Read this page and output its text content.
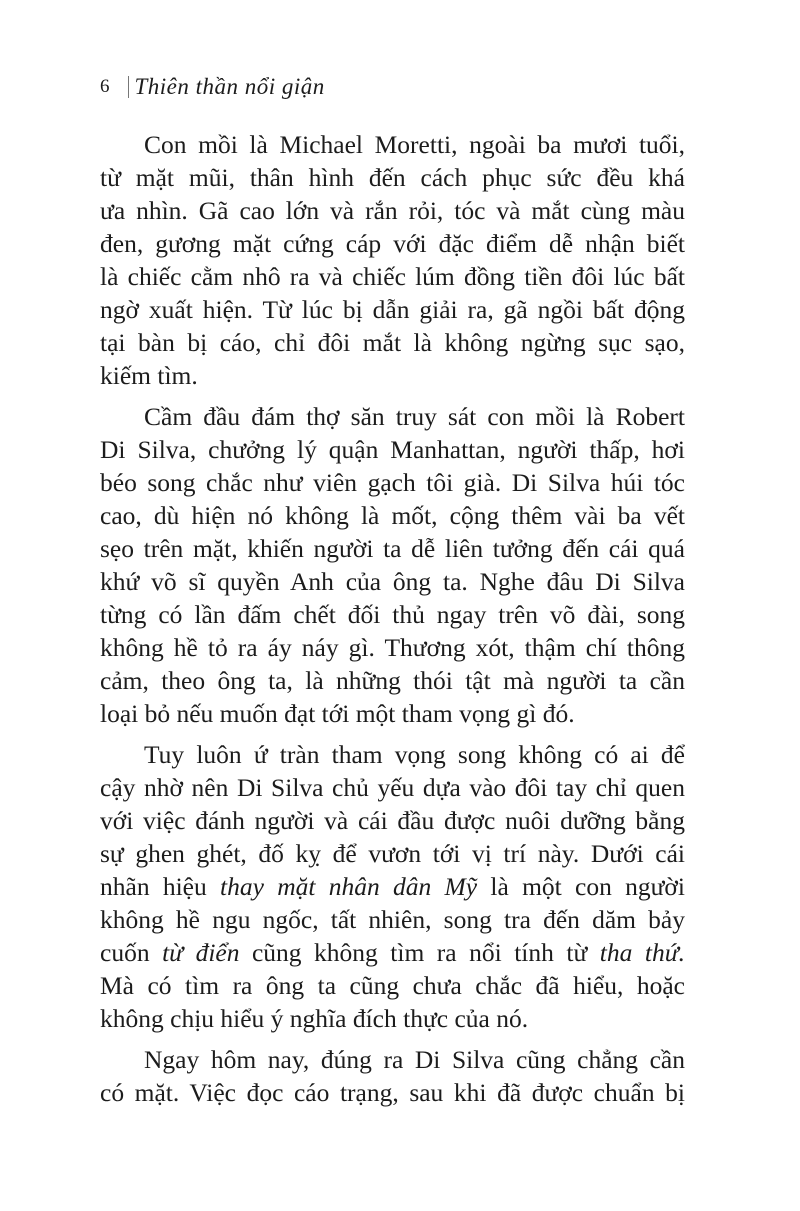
6 Thiên thần nổi giận
Con mồi là Michael Moretti, ngoài ba mươi tuổi,
từ mặt mũi, thân hình đến cách phục sức đều khá
ưa nhìn. Gã cao lớn và rắn rỏi, tóc và mắt cùng màu
đen, gương mặt cứng cáp với đặc điểm dễ nhận biết
là chiếc cằm nhô ra và chiếc lúm đồng tiền đôi lúc bất
ngờ xuất hiện. Từ lúc bị dẫn giải ra, gã ngồi bất động
tại bàn bị cáo, chỉ đôi mắt là không ngừng sục sạo,
kiếm tìm.
Cầm đầu đám thợ săn truy sát con mồi là Robert
Di Silva, chưởng lý quận Manhattan, người thấp, hơi
béo song chắc như viên gạch tôi già. Di Silva húi tóc
cao, dù hiện nó không là mốt, cộng thêm vài ba vết
sẹo trên mặt, khiến người ta dễ liên tưởng đến cái quá
khứ võ sĩ quyền Anh của ông ta. Nghe đâu Di Silva
từng có lần đấm chết đối thủ ngay trên võ đài, song
không hề tỏ ra áy náy gì. Thương xót, thậm chí thông
cảm, theo ông ta, là những thói tật mà người ta cần
loại bỏ nếu muốn đạt tới một tham vọng gì đó.
Tuy luôn ứ tràn tham vọng song không có ai để
cậy nhờ nên Di Silva chủ yếu dựa vào đôi tay chỉ quen
với việc đánh người và cái đầu được nuôi dưỡng bằng
sự ghen ghét, đố kỵ để vươn tới vị trí này. Dưới cái
nhãn hiệu thay mặt nhân dân Mỹ là một con người
không hề ngu ngốc, tất nhiên, song tra đến dăm bảy
cuốn từ điển cũng không tìm ra nổi tính từ tha thứ.
Mà có tìm ra ông ta cũng chưa chắc đã hiểu, hoặc
không chịu hiểu ý nghĩa đích thực của nó.
Ngay hôm nay, đúng ra Di Silva cũng chẳng cần
có mặt. Việc đọc cáo trạng, sau khi đã được chuẩn bị
